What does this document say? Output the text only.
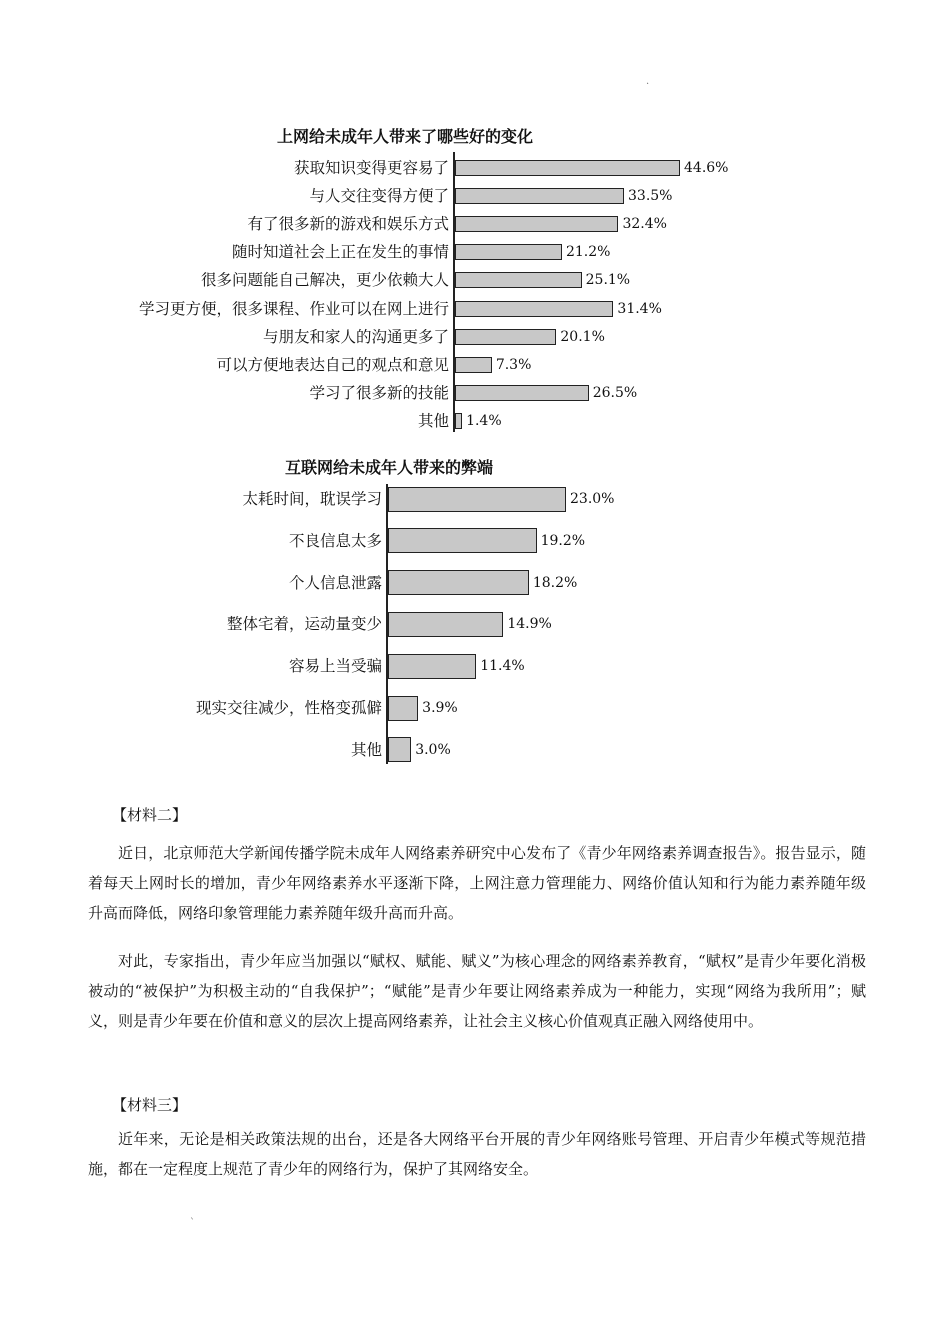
.
上网给未成年人带来了哪些好的变化
获取知识变得更容易了	44.6%
与人交往变得方便了	33.5%
有了很多新的游戏和娱乐方式	32.4%
随时知道社会上正在发生的事情	21.2%
很多问题能自己解决，更少依赖大人	25.1%
学习更方便，很多课程、作业可以在网上进行	31.4%
与朋友和家人的沟通更多了	20.1%
可以方便地表达自己的观点和意见	7.3%
学习了很多新的技能	26.5%
其他 1.4%
互联网给未成年人带来的弊端
太耗时间，耽误学习	23.0%
不良信息太多	19.2%
个人信息泄露	18.2%
整体宅着，运动量变少	14.9%
容易上当受骗	11.4%
现实交往减少，性格变孤僻	3.9%
其他 3.0%
【材料二】

近日，北京师范大学新闻传播学院未成年人网络素养研究中心发布了《青少年网络素养调查报告》。报告显示，随着每天上网时长的增加，青少年网络素养水平逐渐下降，上网注意力管理能力、网络价值认知和行为能力素养随年级升高而降低，网络印象管理能力素养随年级升高而升高。

对此，专家指出，青少年应当加强以“赋权、赋能、赋义”为核心理念的网络素养教育，“赋权”是青少年要化消极被动的“被保护”为积极主动的“自我保护”；“赋能”是青少年要让网络素养成为一种能力，实现“网络为我所用”；赋义，则是青少年要在价值和意义的层次上提高网络素养，让社会主义核心价值观真正融入网络使用中。

【材料三】

近年来，无论是相关政策法规的出台，还是各大网络平台开展的青少年网络账号管理、开启青少年模式等规范措施，都在一定程度上规范了青少年的网络行为，保护了其网络安全。

`
